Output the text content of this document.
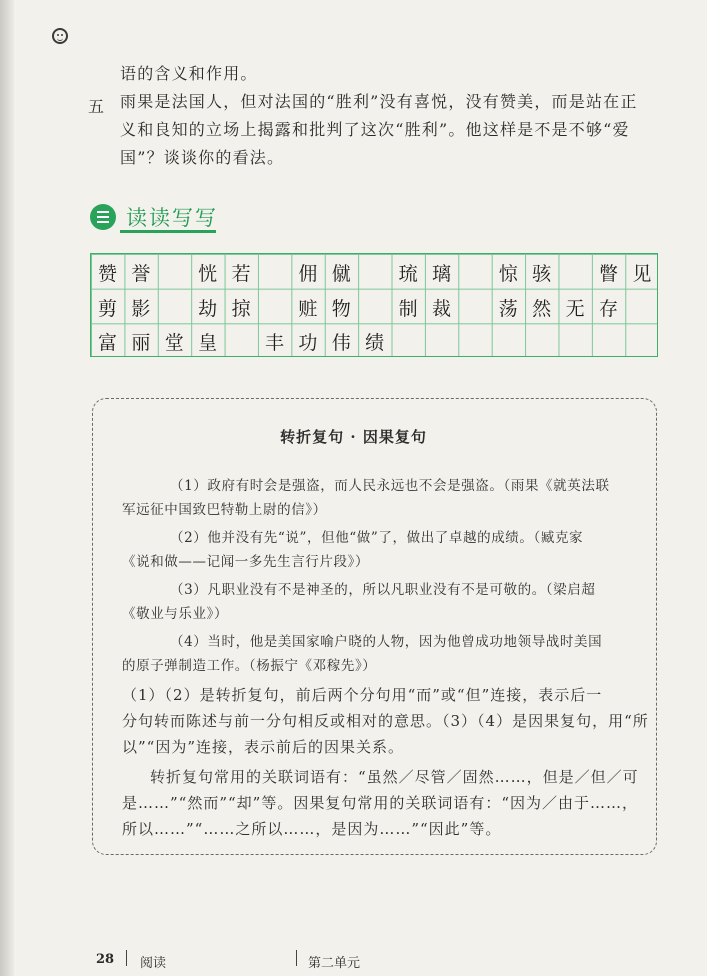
语的含义和作用。
五 雨果是法国人，但对法国的“胜利”没有喜悦，没有赞美，而是站在正
义和良知的立场上揭露和批判了这次“胜利”。他这样是不是不够“爱
国”？谈谈你的看法。
读读写写
赞 誉	恍 若	佣 僦	琉 璃	惊 骇	瞥 见
剪 影	劫 掠	赃 物	制 裁	荡 然 无 存
富 丽 堂 皇	丰 功 伟 绩
转折复句 · 因果复句
（1）政府有时会是强盗，而人民永远也不会是强盗。（雨果《就英法联
军远征中国致巴特勒上尉的信》）
（2）他并没有先“说”，但他“做”了，做出了卓越的成绩。（臧克家
《说和做——记闻一多先生言行片段》）
（3）凡职业没有不是神圣的，所以凡职业没有不是可敬的。（梁启超
《敬业与乐业》）
（4）当时，他是美国家喻户晓的人物，因为他曾成功地领导战时美国
的原子弹制造工作。（杨振宁《邓稼先》）
（1）（2）是转折复句，前后两个分句用“而”或“但”连接，表示后一
分句转而陈述与前一分句相反或相对的意思。（3）（4）是因果复句，用“所
以”“因为”连接，表示前后的因果关系。
转折复句常用的关联词语有：“虽然／尽管／固然……，但是／但／可
是……”“然而”“却”等。因果复句常用的关联词语有：“因为／由于……，
所以……”“……之所以……，是因为……”“因此”等。
28 阅读	第二单元
